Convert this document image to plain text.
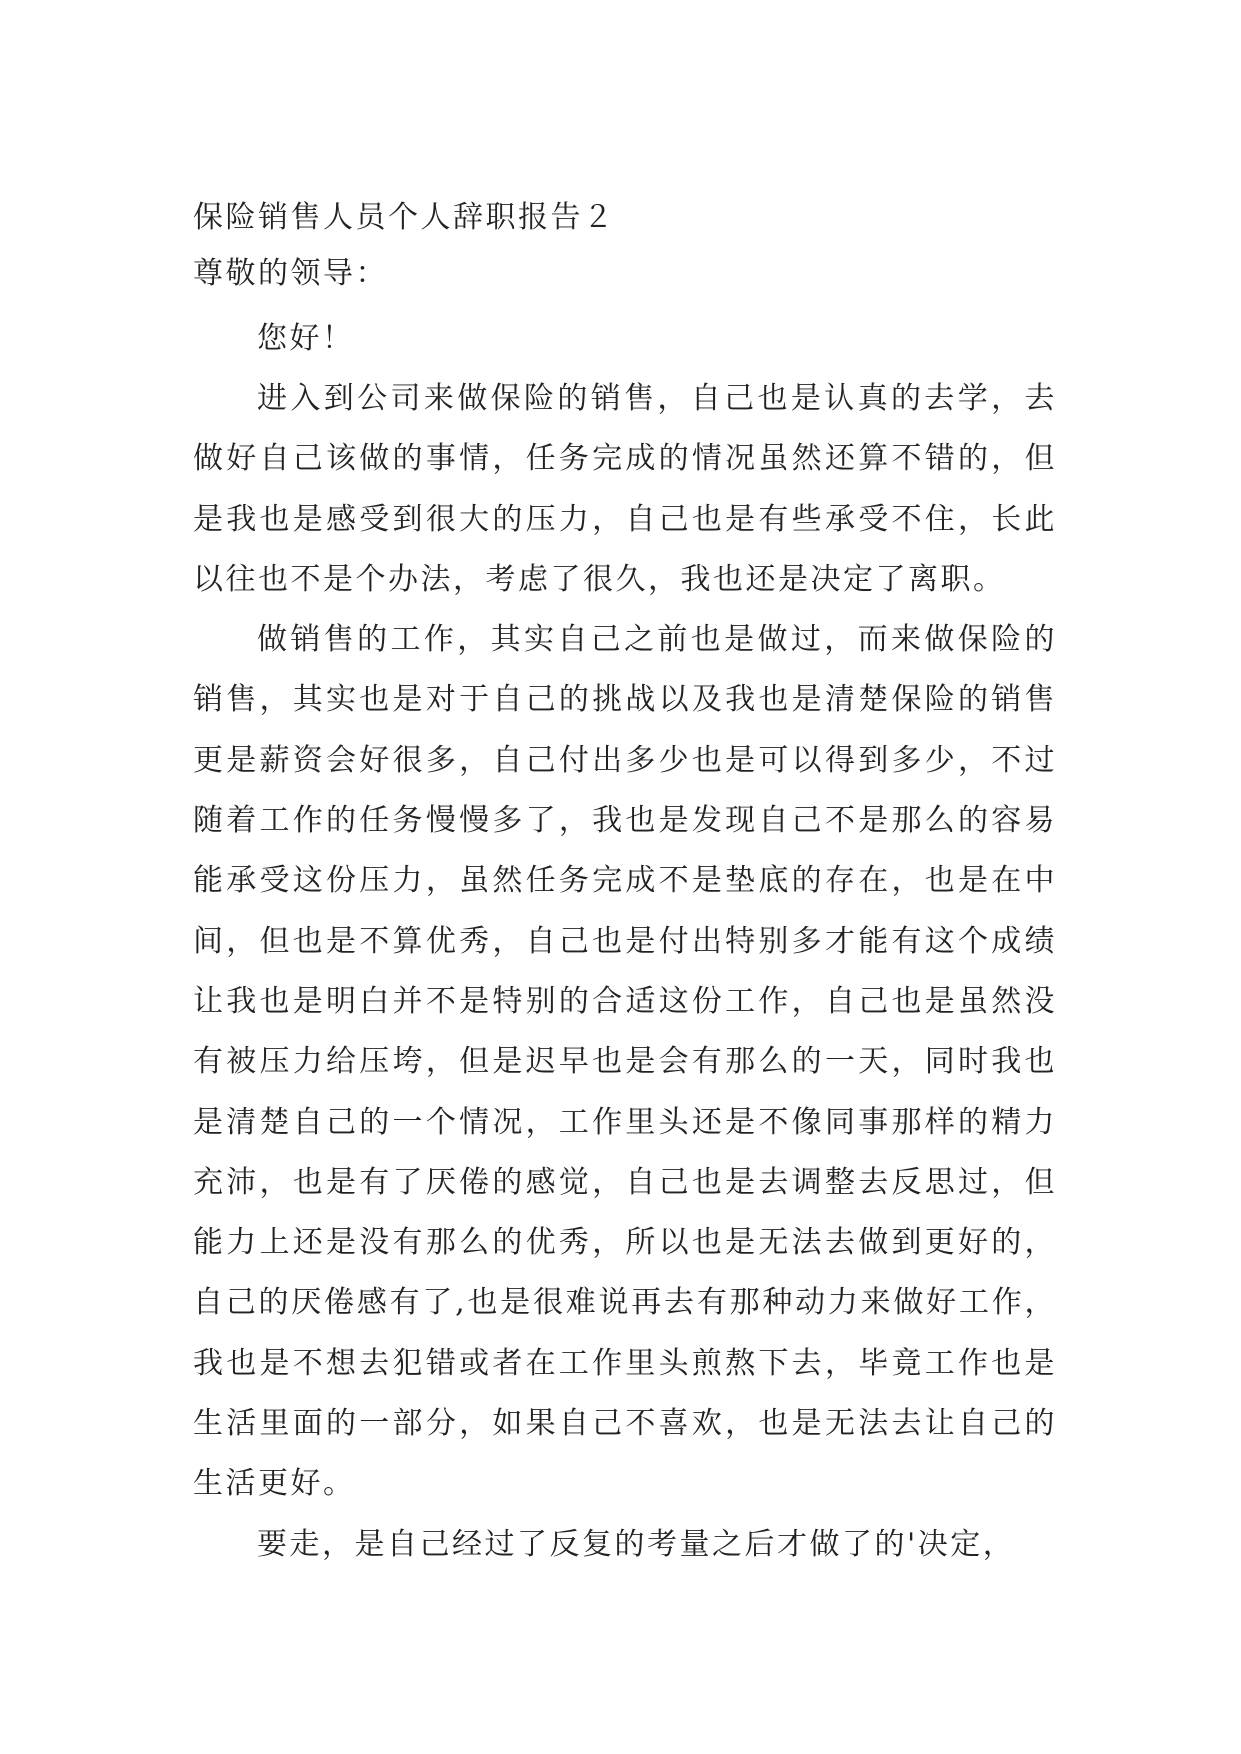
保险销售人员个人辞职报告２
尊敬的领导：
您好！

进入到公司来做保险的销售，自己也是认真的去学，去做好自己该做的事情，任务完成的情况虽然还算不错的，但是我也是感受到很大的压力，自己也是有些承受不住，长此以往也不是个办法，考虑了很久，我也还是决定了离职。

做销售的工作，其实自己之前也是做过，而来做保险的销售，其实也是对于自己的挑战以及我也是清楚保险的销售更是薪资会好很多，自己付出多少也是可以得到多少，不过随着工作的任务慢慢多了，我也是发现自己不是那么的容易能承受这份压力，虽然任务完成不是垫底的存在，也是在中间，但也是不算优秀，自己也是付出特别多才能有这个成绩让我也是明白并不是特别的合适这份工作，自己也是虽然没有被压力给压垮，但是迟早也是会有那么的一天，同时我也是清楚自己的一个情况，工作里头还是不像同事那样的精力充沛，也是有了厌倦的感觉，自己也是去调整去反思过，但能力上还是没有那么的优秀，所以也是无法去做到更好的，自己的厌倦感有了,也是很难说再去有那种动力来做好工作，我也是不想去犯错或者在工作里头煎熬下去，毕竟工作也是生活里面的一部分，如果自己不喜欢，也是无法去让自己的生活更好。

要走，是自己经过了反复的考量之后才做了的'决定，
